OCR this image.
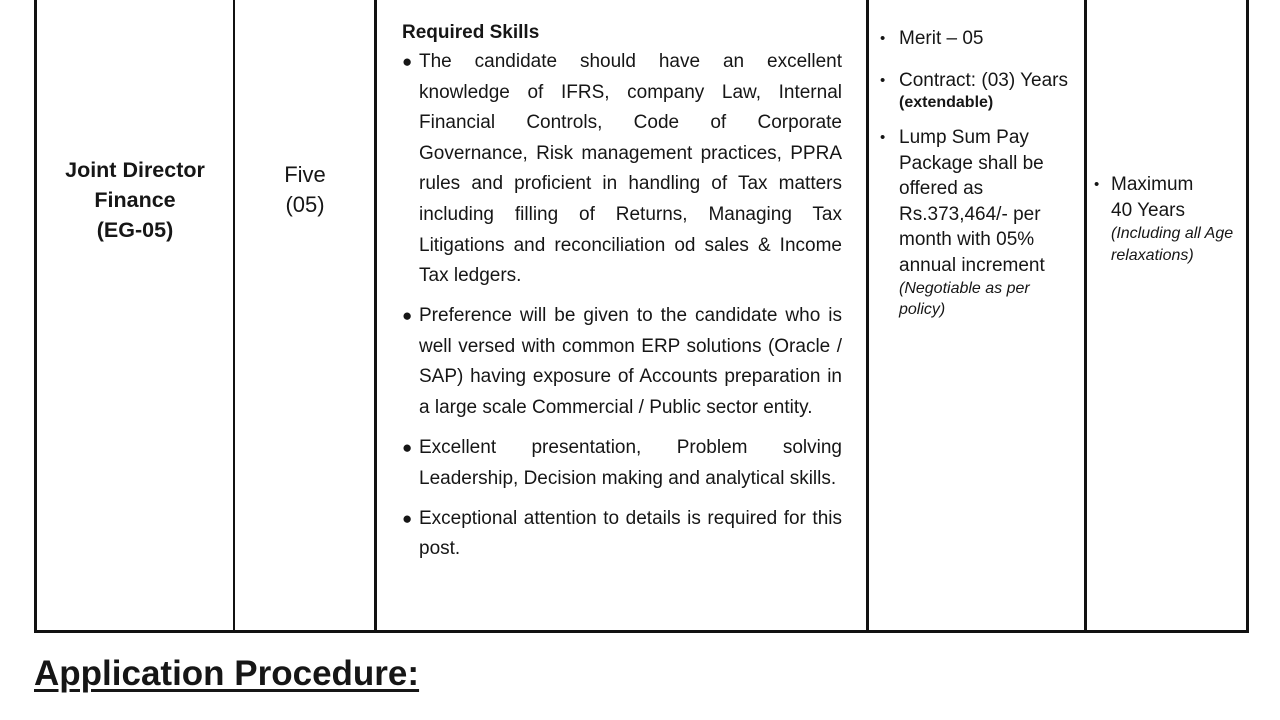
Joint Director
Finance
(EG-05)
Five
(05)
Required Skills
● The candidate should have an excellent knowledge of IFRS, company Law, Internal Financial Controls, Code of Corporate Governance, Risk management practices, PPRA rules and proficient in handling of Tax matters including filling of Returns, Managing Tax Litigations and reconciliation od sales & Income Tax ledgers.
● Preference will be given to the candidate who is well versed with common ERP solutions (Oracle / SAP) having exposure of Accounts preparation in a large scale Commercial / Public sector entity.
● Excellent presentation, Problem solving Leadership, Decision making and analytical skills.
● Exceptional attention to details is required for this post.
• Merit – 05
• Contract: (03) Years
(extendable)
• Lump Sum Pay Package shall be offered as Rs.373,464/- per month with 05% annual increment
(Negotiable as per policy)
• Maximum
40 Years
(Including all Age relaxations)
Application Procedure:
